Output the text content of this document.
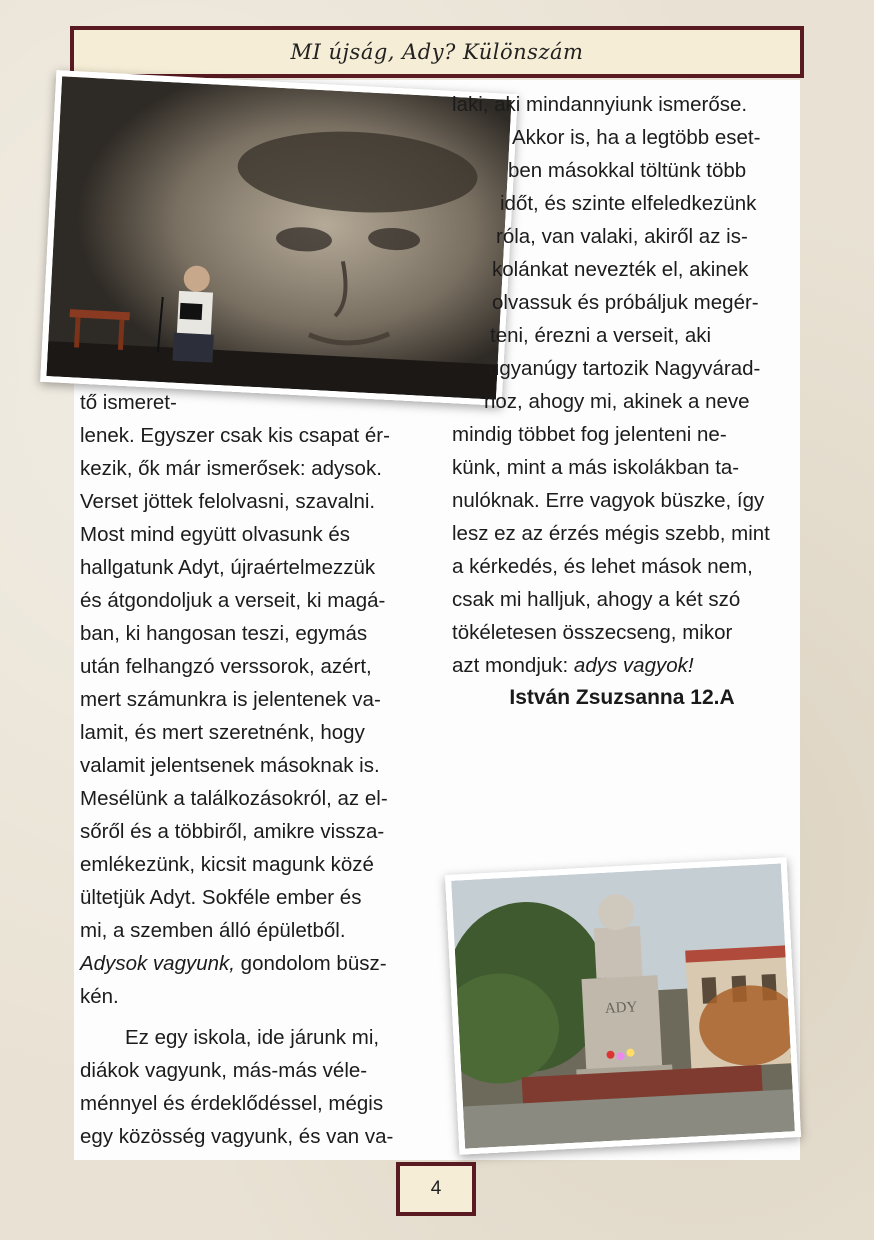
MI újság, Ady? Különszám

tő ismeret-
lenek. Egyszer csak kis csapat ér-
kezik, ők már ismerősek: adysok.
Verset jöttek felolvasni, szavalni.
Most mind együtt olvasunk és
hallgatunk Adyt, újraértelmezzük
és átgondoljuk a verseit, ki magá-
ban, ki hangosan teszi, egymás
után felhangzó verssorok, azért,
mert számunkra is jelentenek va-
lamit, és mert szeretnénk, hogy
valamit jelentsenek másoknak is.
Mesélünk a találkozásokról, az el-
sőről és a többiről, amikre vissza-
emlékezünk, kicsit magunk közé
ültetjük Adyt. Sokféle ember és
mi, a szemben álló épületből.
Adysok vagyunk, gondolom büsz-
kén.

Ez egy iskola, ide járunk mi,
diákok vagyunk, más-más véle-
ménnyel és érdeklődéssel, mégis
egy közösség vagyunk, és van va-

laki, aki mindannyiunk ismerőse.
Akkor is, ha a legtöbb eset-
ben másokkal töltünk több
időt, és szinte elfeledkezünk
róla, van valaki, akiről az is-
kolánkat nevezték el, akinek
olvassuk és próbáljuk megér-
teni, érezni a verseit, aki
ugyanúgy tartozik Nagyvárad-
hoz, ahogy mi, akinek a neve
mindig többet fog jelenteni ne-
künk, mint a más iskolákban ta-
nulóknak. Erre vagyok büszke, így
lesz ez az érzés mégis szebb, mint
a kérkedés, és lehet mások nem,
csak mi halljuk, ahogy a két szó
tökéletesen összecseng, mikor
azt mondjuk: adys vagyok!
István Zsuzsanna 12.A
ADY
4
